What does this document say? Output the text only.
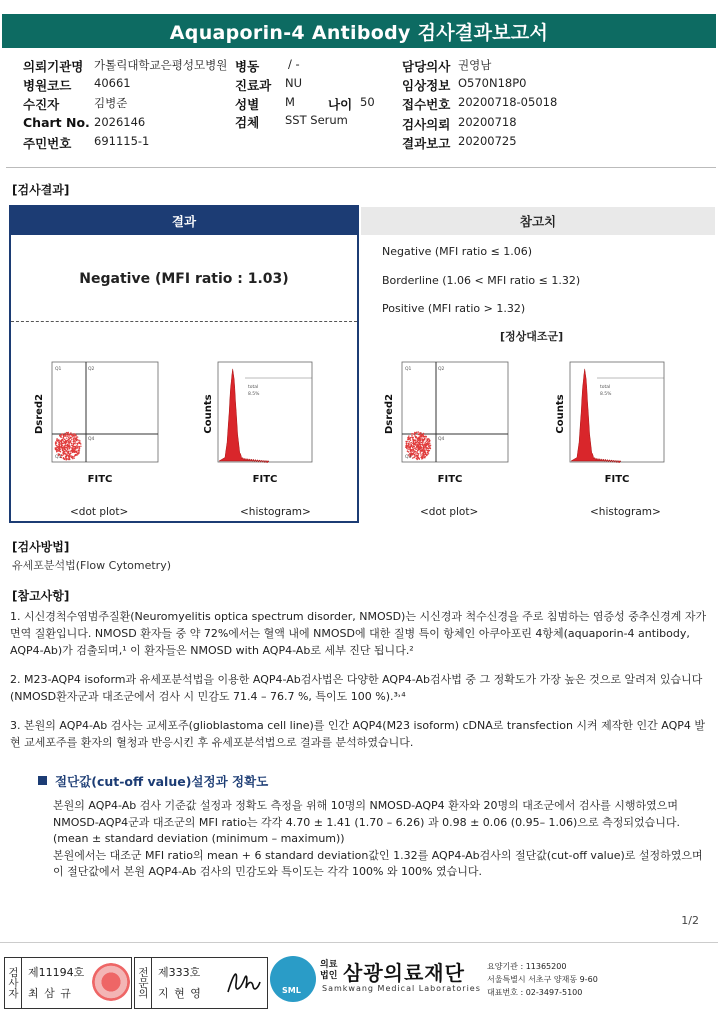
Aquaporin-4 Antibody 검사결과보고서
의뢰기관명 가톨릭대학교은평성모병원 병동	/ -	담당의사 권영남
병원코드 40661	진료과 NU	임상정보 O570N18P0
수진자	김병준	성별 M	나이 50 접수번호 20200718-05018
Chart No. 2026146	검체 SST Serum	검사의뢰 20200718
주민번호 691115-1	결과보고 20200725
[검사결과]
결과
Negative (MFI ratio : 1.03)
참고치
Negative (MFI ratio ≤ 1.06)
Borderline (1.06 < MFI ratio ≤ 1.32)
Positive (MFI ratio > 1.32)
[정상대조군]
Q1	Q2
Q3
Q4
Dsred2
FITC
<dot plot>
total
8.5%
Counts
FITC
<histogram>
Q1	Q2
Q3
Q4
Dsred2
FITC
<dot plot>
total
8.5%
Counts
FITC
<histogram>
[검사방법]
유세포분석법(Flow Cytometry)
[참고사항]

1. 시신경척수염범주질환(Neuromyelitis optica spectrum disorder, NMOSD)는 시신경과 척수신경을 주로 침범하는 염증성 중추신경계 자가면역 질환입니다. NMOSD 환자들 중 약 72%에서는 혈액 내에 NMOSD에 대한 질병 특이 항체인 아쿠아포린 4항체(aquaporin-4 antibody, AQP4-Ab)가 검출되며,¹ 이 환자들은 NMOSD with AQP4-Ab로 세부 진단 됩니다.²

2. M23-AQP4 isoform과 유세포분석법을 이용한 AQP4-Ab검사법은 다양한 AQP4-Ab검사법 중 그 정확도가 가장 높은 것으로 알려져 있습니다(NMOSD환자군과 대조군에서 검사 시 민감도 71.4 – 76.7 %, 특이도 100 %).³˒⁴

3. 본원의 AQP4-Ab 검사는 교세포주(glioblastoma cell line)를 인간 AQP4(M23 isoform) cDNA로 transfection 시켜 제작한 인간 AQP4 발현 교세포주를 환자의 혈청과 반응시킨 후 유세포분석법으로 결과를 분석하였습니다.

절단값(cut-off value)설정과 정확도

본원의 AQP4-Ab 검사 기준값 설정과 정확도 측정을 위해 10명의 NMOSD-AQP4 환자와 20명의 대조군에서 검사를 시행하였으며 NMOSD-AQP4군과 대조군의 MFI ratio는 각각 4.70 ± 1.41 (1.70 – 6.26) 과 0.98 ± 0.06 (0.95– 1.06)으로 측정되었습니다. (mean ± standard deviation (minimum – maximum))

본원에서는 대조군 MFI ratio의 mean + 6 standard deviation값인 1.32를 AQP4-Ab검사의 절단값(cut-off value)로 설정하였으며 이 절단값에서 본원 AQP4-Ab 검사의 민감도와 특이도는 각각 100% 와 100% 였습니다.

1/2
검사자 제11194호
최 삼 규	전문의 제333호
지 현 영	SML
의료법인 삼광의료재단
Samkwang Medical Laboratories
요양기관 : 11365200
서울특별시 서초구 양재동 9-60
대표번호 : 02-3497-5100
